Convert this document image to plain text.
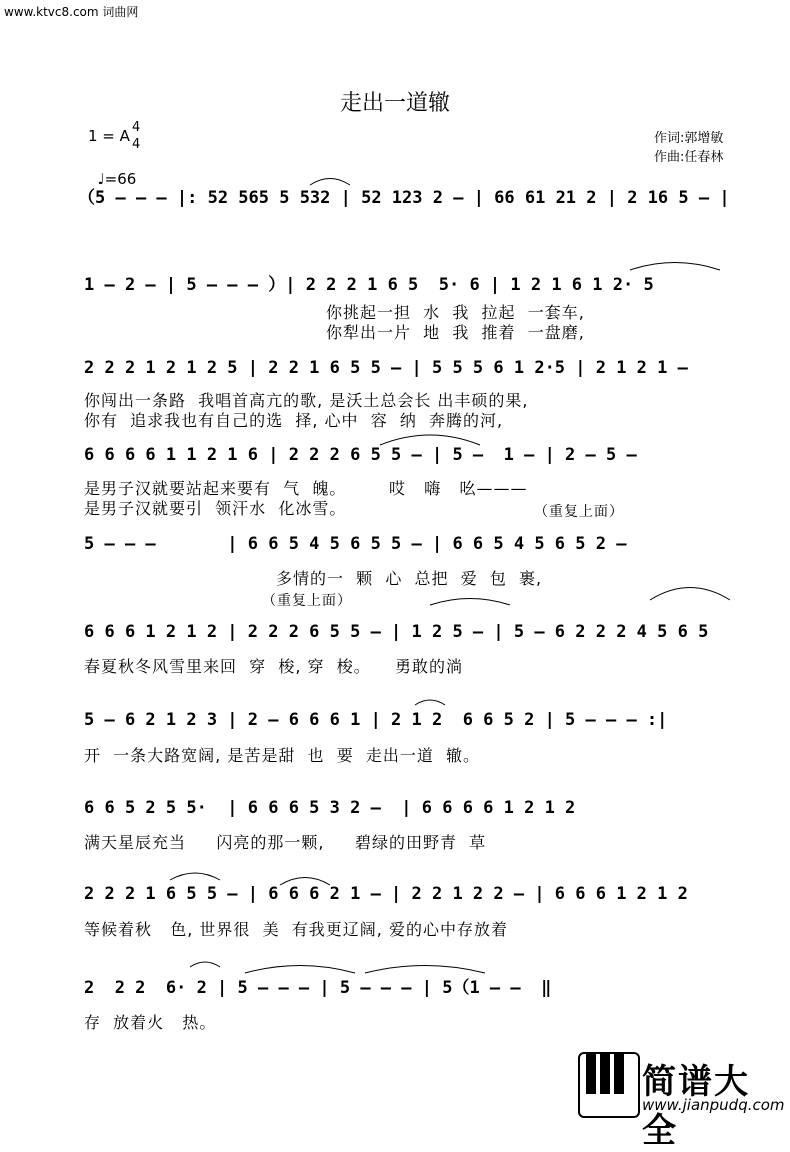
www.ktvc8.com 词曲网
走出一道辙
1 = A 4
4

♩=66

作词:郭增敏
作曲:任春林
（5 – – – |: 52 565 5 532 | 52 123 2 – | 66 61 21 2 | 2 16 5 – |
1 – 2 – | 5 – – – ）| 2 2 2 1 6 5  5· 6 | 1 2 1 6 1 2· 5
你挑起一担  水  我  拉起  一套车,
你犁出一片  地  我  推着  一盘磨,
2 2 2 1 2 1 2 5 | 2 2 1 6 5 5 – | 5 5 5 6 1 2·5 | 2 1 2 1 –
你闯出一条路  我唱首高亢的歌, 是沃土总会长 出丰硕的果,
你有  追求我也有自己的选  择, 心中  容  纳  奔腾的河,
6 6 6 6 1 1 2 1 6 | 2 2 2 6 5 5 – | 5 –  1 – | 2 – 5 –
是男子汉就要站起来要有  气  魄。       哎   嗨   吆———
是男子汉就要引  领汗水  化冰雪。	（重复上面）
5 – – –       | 6 6 5 4 5 6 5 5 – | 6 6 5 4 5 6 5 2 –
多情的一  颗  心  总把  爱  包  裹,
（重复上面）
6 6 6 1 2 1 2 | 2 2 2 6 5 5 – | 1 2 5 – | 5 – 6 2 2 2 4 5 6 5
春夏秋冬风雪里来回  穿  梭, 穿  梭。    勇敢的淌
5 – 6 2 1 2 3 | 2 – 6 6 6 1 | 2 1 2  6 6 5 2 | 5 – – – :|
开  一条大路宽阔, 是苦是甜  也  要  走出一道  辙。
6 6 5 2 5 5·  | 6 6 6 5 3 2 –  | 6 6 6 6 1 2 1 2
满天星辰充当     闪亮的那一颗,     碧绿的田野青  草
2 2 2 1 6 5 5 – | 6 6 6 2 1 – | 2 2 1 2 2 – | 6 6 6 1 2 1 2
等候着秋   色, 世界很  美  有我更辽阔, 爱的心中存放着
2  2 2  6· 2 | 5 – – – | 5 – – – | 5（1 – –  ‖
存  放着火   热。
简谱大全
www.jianpudq.com
